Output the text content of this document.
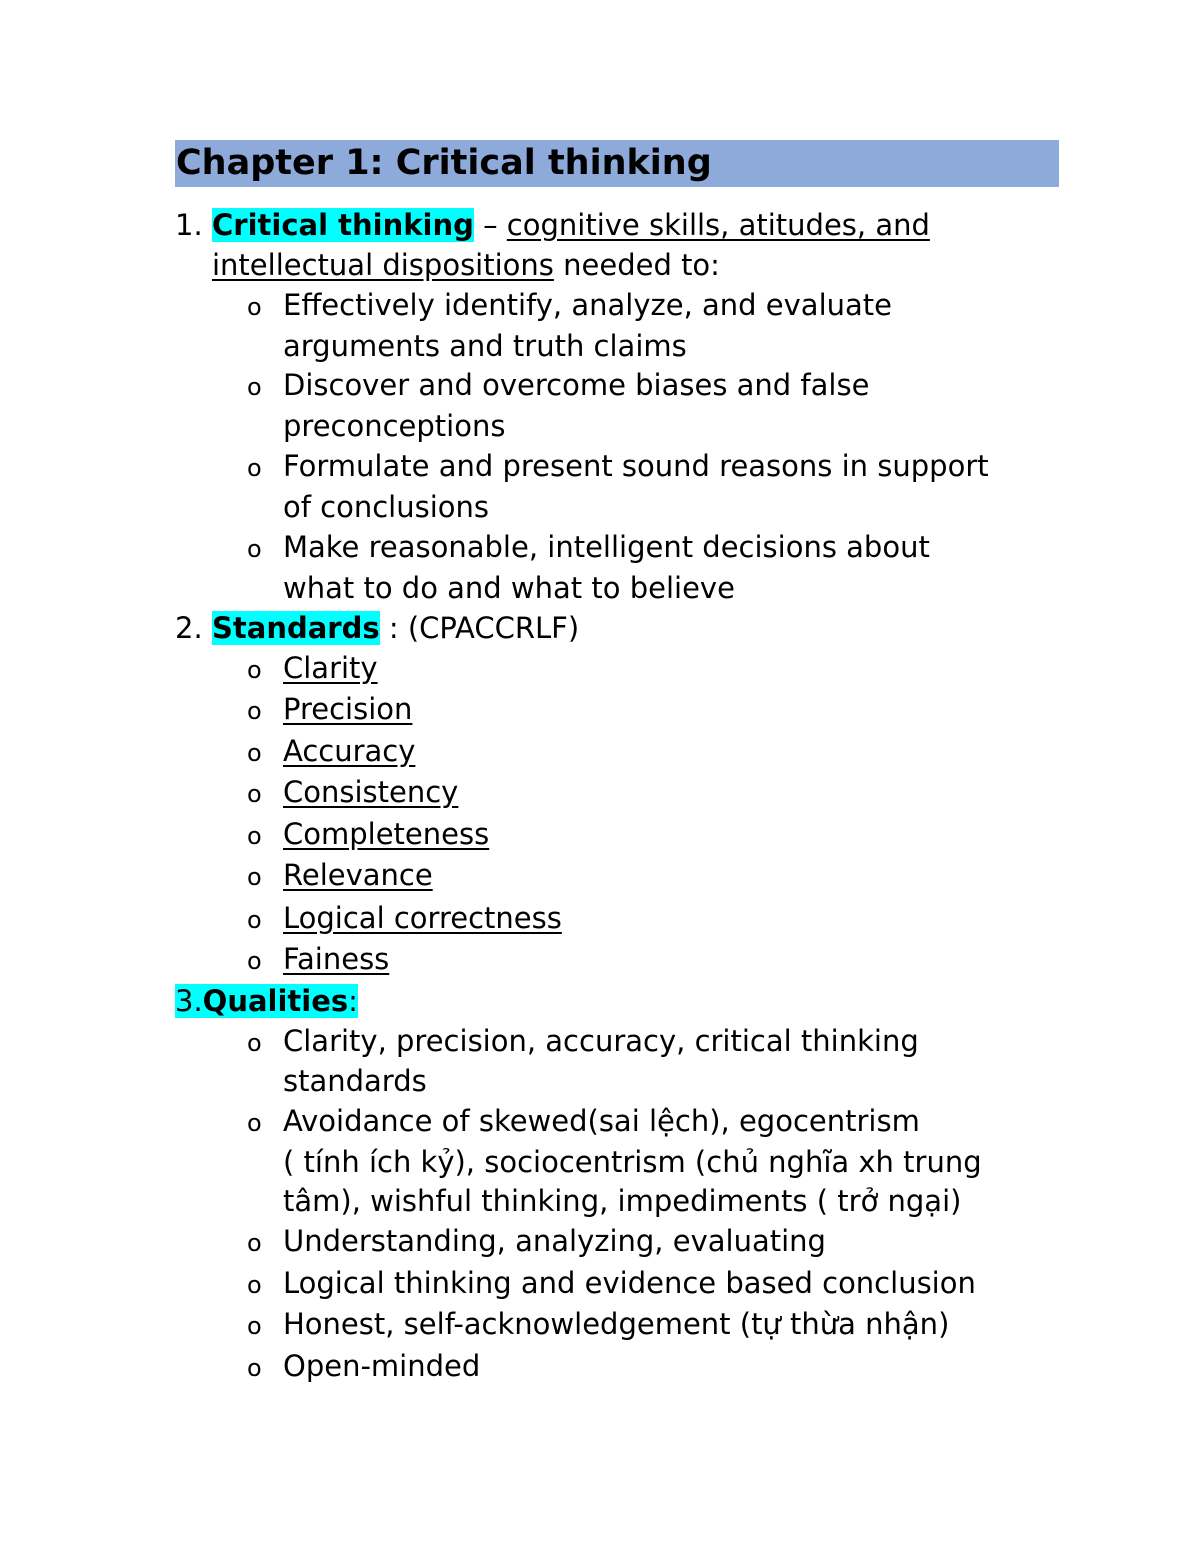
Chapter 1: Critical thinking
1. Critical thinking – cognitive skills, atitudes, and
intellectual dispositions needed to:
o Effectively identify, analyze, and evaluate
arguments and truth claims
o Discover and overcome biases and false
preconceptions
o Formulate and present sound reasons in support
of conclusions
o Make reasonable, intelligent decisions about
what to do and what to believe
2. Standards : (CPACCRLF)
o Clarity
o Precision
o Accuracy
o Consistency
o Completeness
o Relevance
o Logical correctness
o Fainess
3.Qualities:
o Clarity, precision, accuracy, critical thinking
standards
o Avoidance of skewed(sai lệch), egocentrism
( tính ích kỷ), sociocentrism (chủ nghĩa xh trung
tâm), wishful thinking, impediments ( trở ngại)
o Understanding, analyzing, evaluating
o Logical thinking and evidence based conclusion
o Honest, self-acknowledgement (tự thừa nhận)
o Open-minded
